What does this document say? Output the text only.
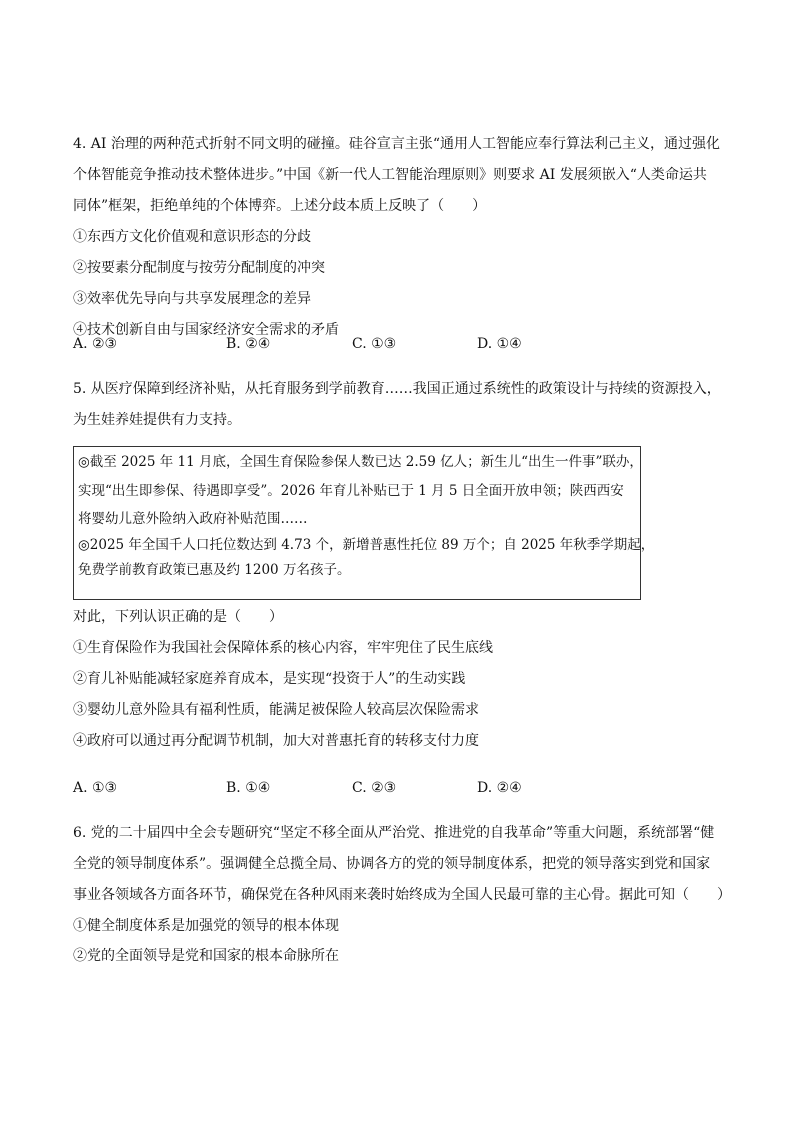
4. AI 治理的两种范式折射不同文明的碰撞。硅谷宣言主张“通用人工智能应奉行算法利己主义，通过强化
个体智能竞争推动技术整体进步。”中国《新一代人工智能治理原则》则要求 AI 发展须嵌入“人类命运共
同体”框架，拒绝单纯的个体博弈。上述分歧本质上反映了（　　）
①东西方文化价值观和意识形态的分歧
②按要素分配制度与按劳分配制度的冲突
③效率优先导向与共享发展理念的差异
④技术创新自由与国家经济安全需求的矛盾
A. ②③	B. ②④	C. ①③	D. ①④
5. 从医疗保障到经济补贴，从托育服务到学前教育……我国正通过系统性的政策设计与持续的资源投入，
为生娃养娃提供有力支持。
◎截至 2025 年 11 月底，全国生育保险参保人数已达 2.59 亿人；新生儿“出生一件事”联办，
实现“出生即参保、待遇即享受”。2026 年育儿补贴已于 1 月 5 日全面开放申领；陕西西安
将婴幼儿意外险纳入政府补贴范围……
◎2025 年全国千人口托位数达到 4.73 个，新增普惠性托位 89 万个；自 2025 年秋季学期起，
免费学前教育政策已惠及约 1200 万名孩子。
对此，下列认识正确的是（　　）
①生育保险作为我国社会保障体系的核心内容，牢牢兜住了民生底线
②育儿补贴能减轻家庭养育成本，是实现“投资于人”的生动实践
③婴幼儿意外险具有福利性质，能满足被保险人较高层次保险需求
④政府可以通过再分配调节机制，加大对普惠托育的转移支付力度
A. ①③	B. ①④	C. ②③	D. ②④
6. 党的二十届四中全会专题研究“坚定不移全面从严治党、推进党的自我革命”等重大问题，系统部署“健
全党的领导制度体系”。强调健全总揽全局、协调各方的党的领导制度体系，把党的领导落实到党和国家
事业各领域各方面各环节，确保党在各种风雨来袭时始终成为全国人民最可靠的主心骨。据此可知（　　）
①健全制度体系是加强党的领导的根本体现
②党的全面领导是党和国家的根本命脉所在
